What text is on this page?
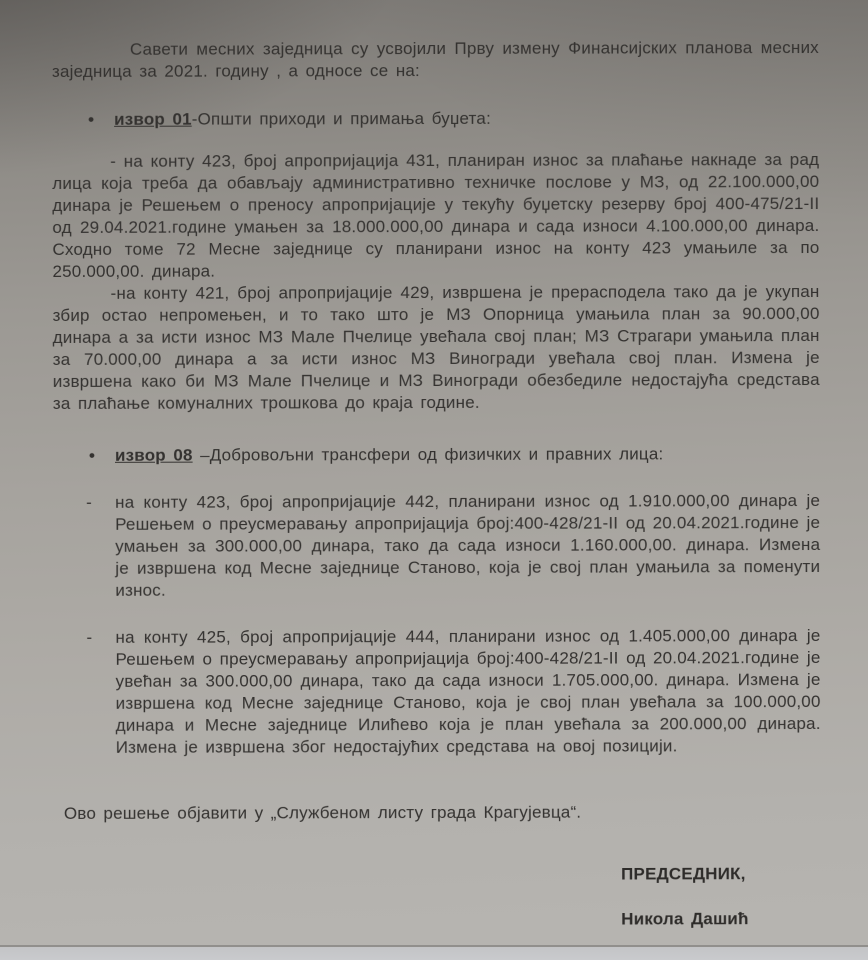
Савети месних заједница су усвојили Прву измену Финансијских планова месних заједница за 2021. годину , а односе се на:

•	извор 01-Општи приходи и примања буџета:

- на конту 423, број апропријација 431, планиран износ за плаћање накнаде за рад лица која треба да обављају административно техничке послове у МЗ, од 22.100.000,00 динара је Решењем о преносу апропријације у текућу буџетску резерву број 400-475/21-II од 29.04.2021.године умањен за 18.000.000,00 динара и сада износи 4.100.000,00 динара. Сходно томе 72 Месне заједнице су планирани износ на конту 423 умањиле за по 250.000,00. динара.

-на конту 421, број апропријације 429, извршена је прерасподела тако да је укупан збир остао непромењен, и то тако што је МЗ Опорница умањила план за 90.000,00 динара а за исти износ МЗ Мале Пчелице увећала свој план; МЗ Страгари умањила план за 70.000,00 динара а за исти износ МЗ Виногради увећала свој план. Измена је извршена како би МЗ Мале Пчелице и МЗ Виногради обезбедиле недостајућа средстава за плаћање комуналних трошкова до краја године.

•	извор 08 –Добровољни трансфери од физичких и правних лица:

-	на конту 423, број апропријације 442, планирани износ од 1.910.000,00 динара је Решењем о преусмеравању апропријација број:400-428/21-II од 20.04.2021.године је умањен за 300.000,00 динара, тако да сада износи 1.160.000,00. динара. Измена је извршена код Месне заједнице Станово, која је свој план умањила за поменути износ.

-	на конту 425, број апропријације 444, планирани износ од 1.405.000,00 динара је Решењем о преусмеравању апропријација број:400-428/21-II од 20.04.2021.године је увећан за 300.000,00 динара, тако да сада износи 1.705.000,00. динара. Измена је извршена код Месне заједнице Станово, која је свој план увећала за 100.000,00 динара и Месне заједнице Илићево која је план увећала за 200.000,00 динара. Измена је извршена због недостајућих средстава на овој позицији.

Ово решење објавити у „Службеном листу града Крагујевца“.

ПРЕДСЕДНИК,

Никола Дашић
